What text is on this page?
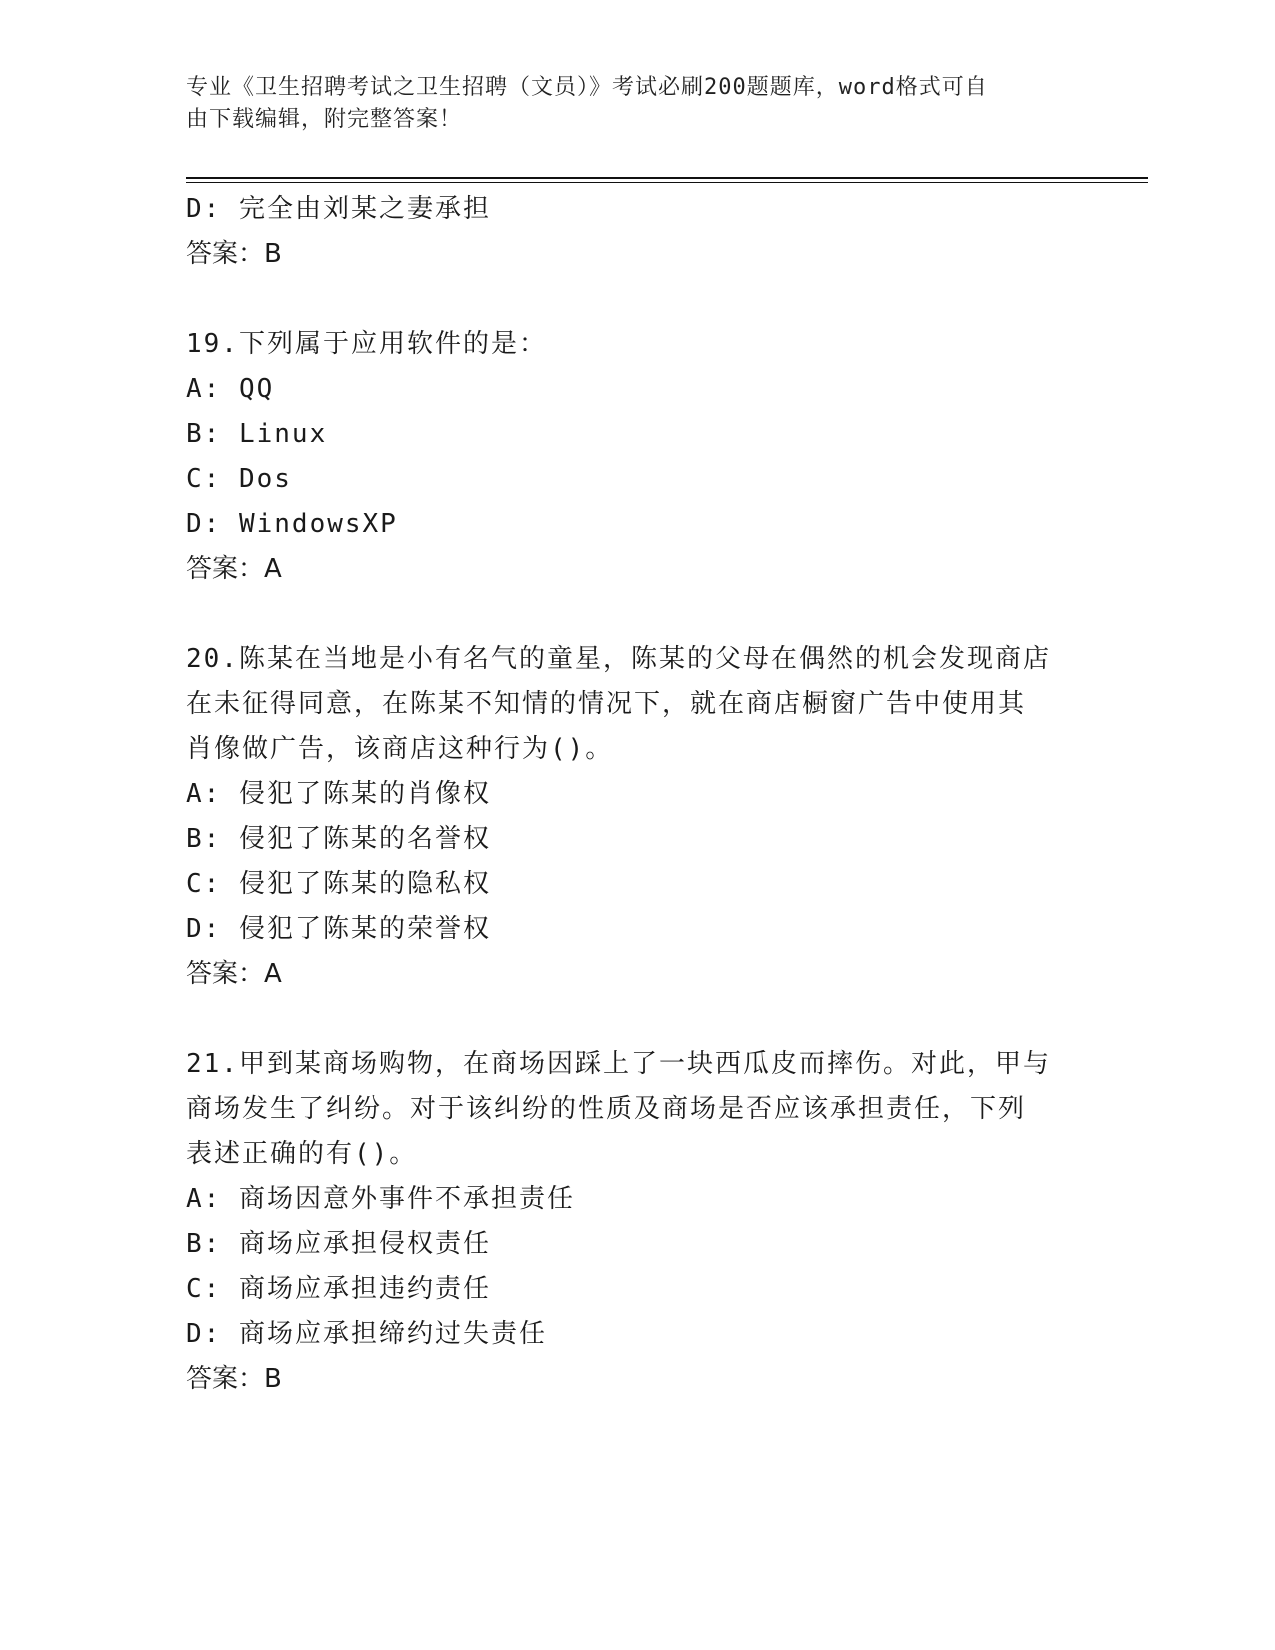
专业《卫生招聘考试之卫生招聘（文员）》考试必刷200题题库，word格式可自
由下载编辑，附完整答案！
D: 完全由刘某之妻承担
答案：B
19.下列属于应用软件的是：
A: QQ
B: Linux
C: Dos
D: WindowsXP
答案：A
20.陈某在当地是小有名气的童星，陈某的父母在偶然的机会发现商店
在未征得同意，在陈某不知情的情况下，就在商店橱窗广告中使用其
肖像做广告，该商店这种行为()。
A: 侵犯了陈某的肖像权
B: 侵犯了陈某的名誉权
C: 侵犯了陈某的隐私权
D: 侵犯了陈某的荣誉权
答案：A
21.甲到某商场购物，在商场因踩上了一块西瓜皮而摔伤。对此，甲与
商场发生了纠纷。对于该纠纷的性质及商场是否应该承担责任，下列
表述正确的有()。
A: 商场因意外事件不承担责任
B: 商场应承担侵权责任
C: 商场应承担违约责任
D: 商场应承担缔约过失责任
答案：B
